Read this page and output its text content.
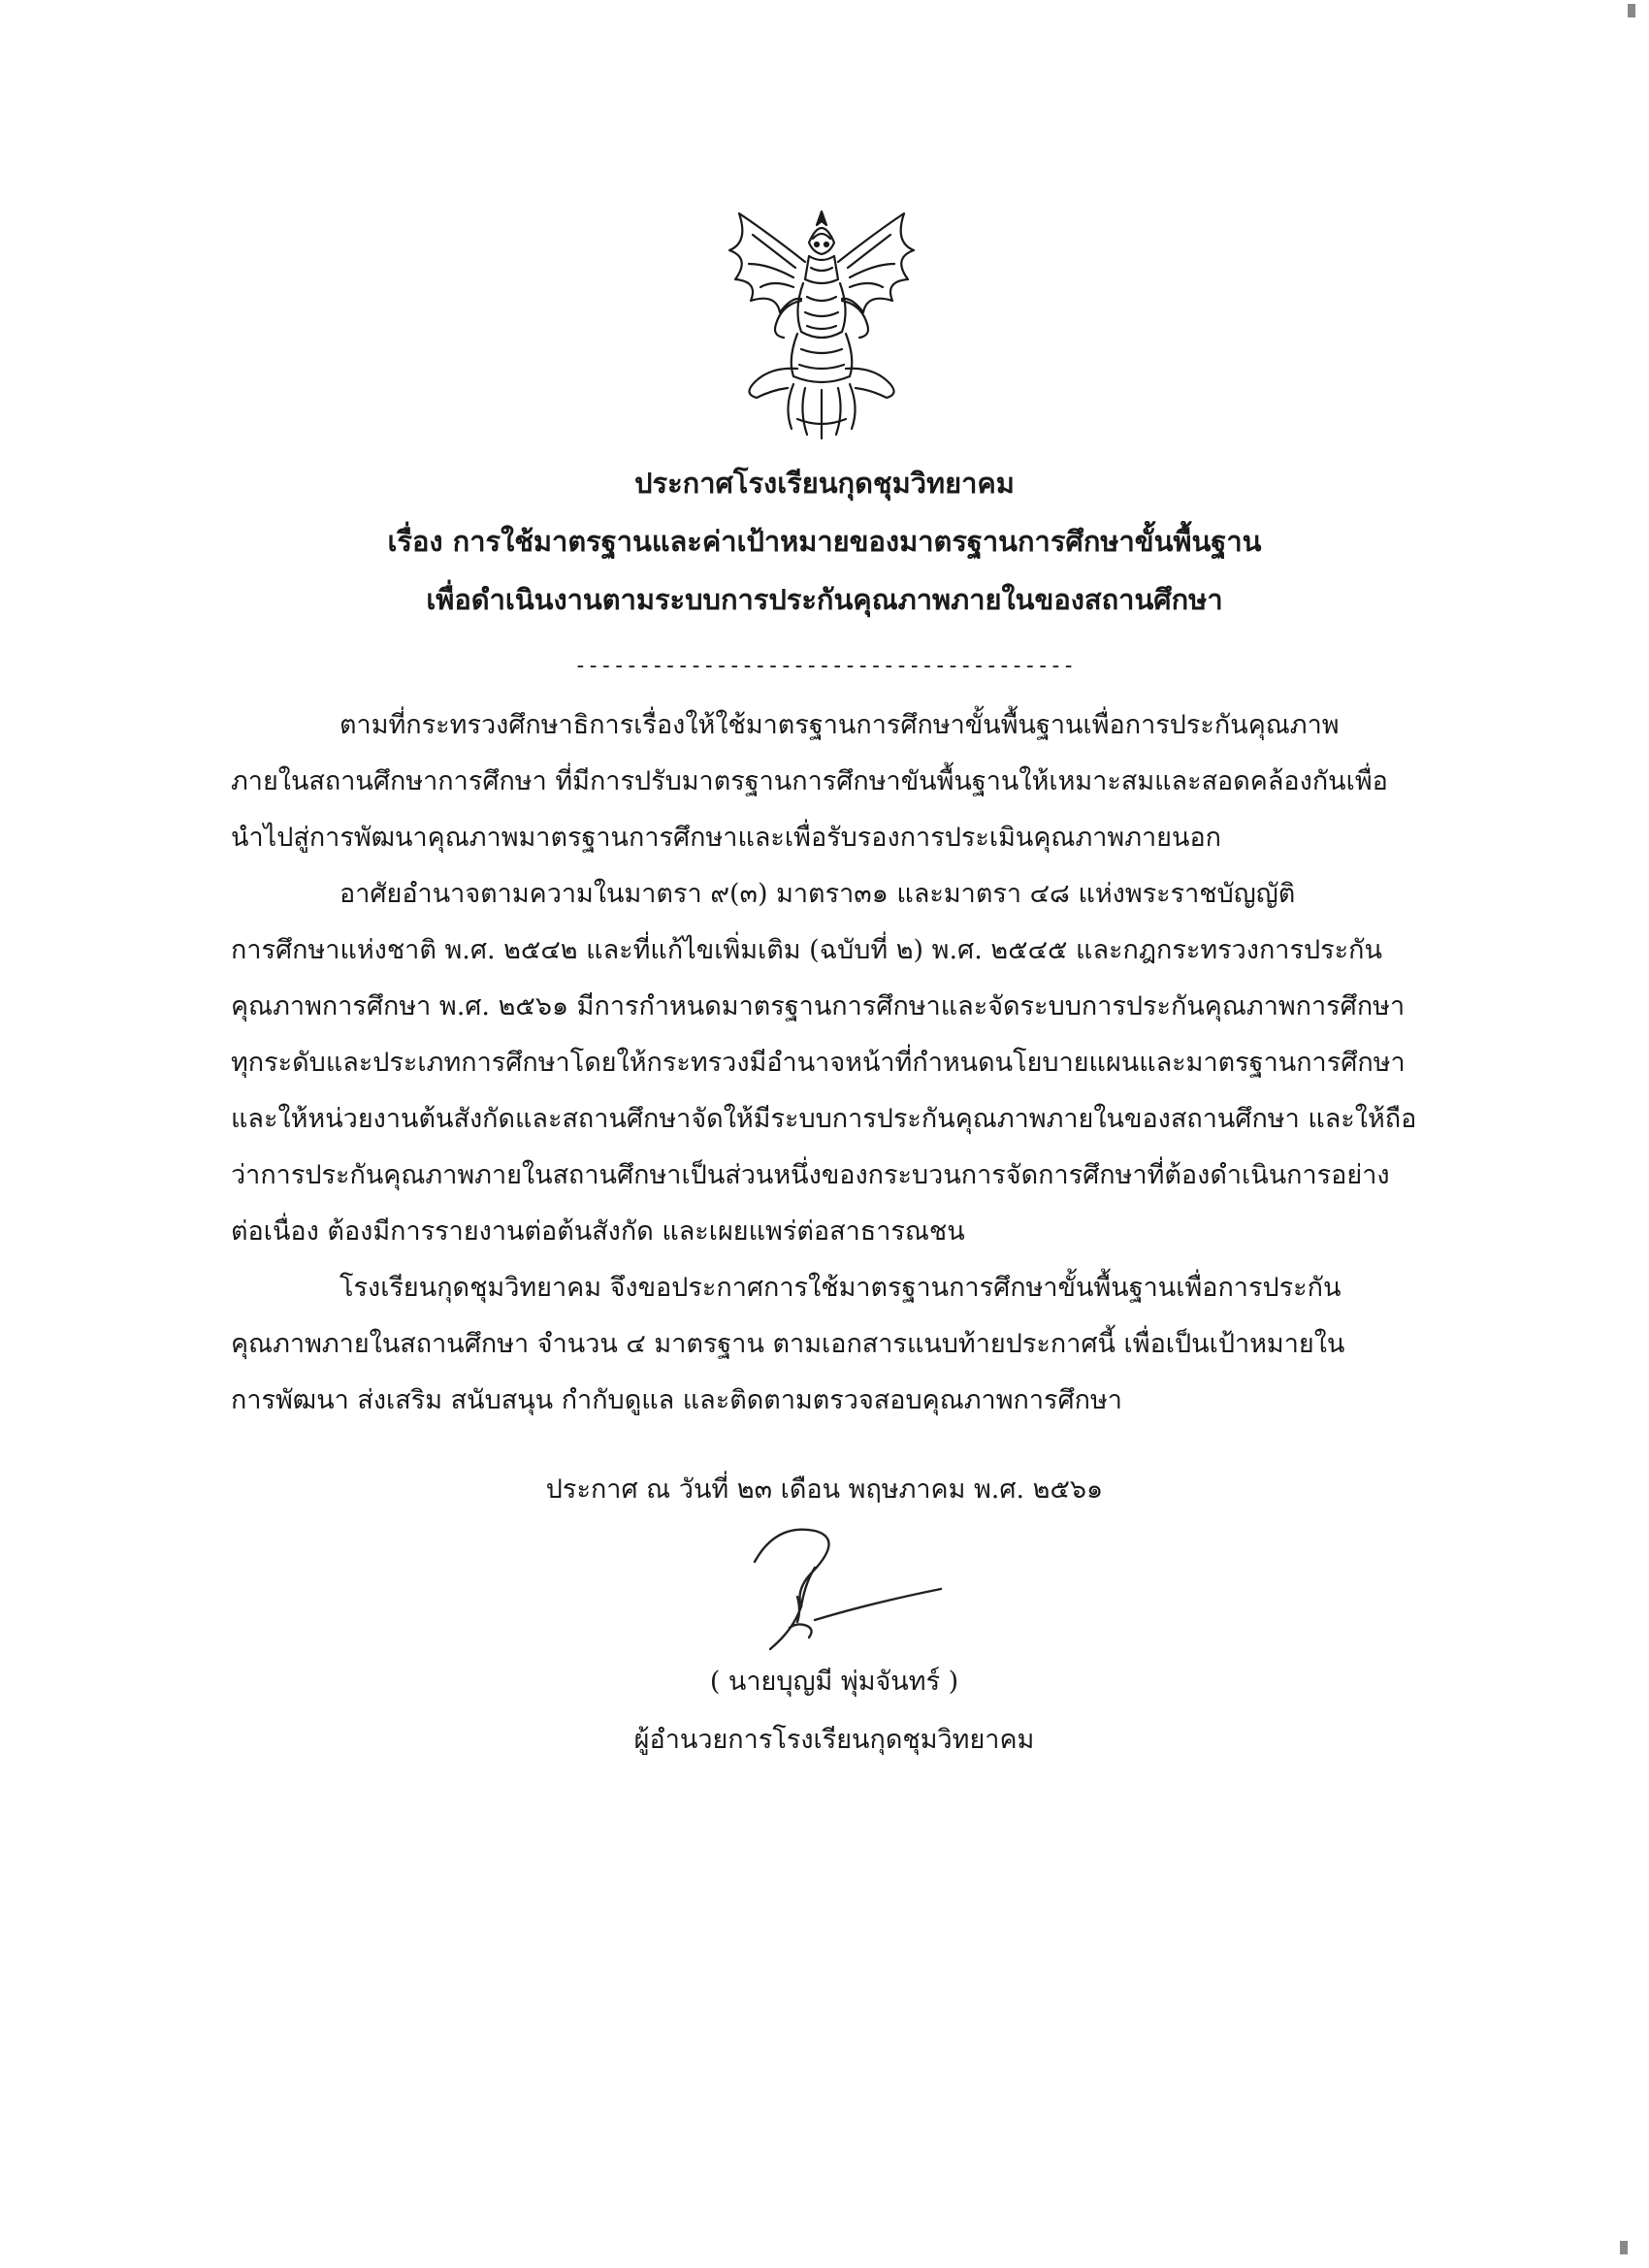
ประกาศโรงเรียนกุดชุมวิทยาคม
เรื่อง การใช้มาตรฐานและค่าเป้าหมายของมาตรฐานการศึกษาขั้นพื้นฐาน
เพื่อดำเนินงานตามระบบการประกันคุณภาพภายในของสถานศึกษา
---------------------------------------
ตามที่กระทรวงศึกษาธิการเรื่องให้ใช้มาตรฐานการศึกษาขั้นพื้นฐานเพื่อการประกันคุณภาพ
ภายในสถานศึกษาการศึกษา ที่มีการปรับมาตรฐานการศึกษาขันพื้นฐานให้เหมาะสมและสอดคล้องกันเพื่อ
นำไปสู่การพัฒนาคุณภาพมาตรฐานการศึกษาและเพื่อรับรองการประเมินคุณภาพภายนอก
อาศัยอำนาจตามความในมาตรา ๙(๓) มาตรา๓๑ และมาตรา ๔๘ แห่งพระราชบัญญัติ
การศึกษาแห่งชาติ พ.ศ. ๒๕๔๒ และที่แก้ไขเพิ่มเติม (ฉบับที่ ๒) พ.ศ. ๒๕๔๕ และกฎกระทรวงการประกัน
คุณภาพการศึกษา พ.ศ. ๒๕๖๑ มีการกำหนดมาตรฐานการศึกษาและจัดระบบการประกันคุณภาพการศึกษา
ทุกระดับและประเภทการศึกษาโดยให้กระทรวงมีอำนาจหน้าที่กำหนดนโยบายแผนและมาตรฐานการศึกษา
และให้หน่วยงานต้นสังกัดและสถานศึกษาจัดให้มีระบบการประกันคุณภาพภายในของสถานศึกษา และให้ถือ
ว่าการประกันคุณภาพภายในสถานศึกษาเป็นส่วนหนึ่งของกระบวนการจัดการศึกษาที่ต้องดำเนินการอย่าง
ต่อเนื่อง ต้องมีการรายงานต่อต้นสังกัด และเผยแพร่ต่อสาธารณชน
โรงเรียนกุดชุมวิทยาคม จึงขอประกาศการใช้มาตรฐานการศึกษาขั้นพื้นฐานเพื่อการประกัน
คุณภาพภายในสถานศึกษา จำนวน ๔ มาตรฐาน ตามเอกสารแนบท้ายประกาศนี้ เพื่อเป็นเป้าหมายใน
การพัฒนา ส่งเสริม สนับสนุน กำกับดูแล และติดตามตรวจสอบคุณภาพการศึกษา
ประกาศ ณ วันที่ ๒๓ เดือน พฤษภาคม พ.ศ. ๒๕๖๑
( นายบุญมี พุ่มจันทร์ )
ผู้อำนวยการโรงเรียนกุดชุมวิทยาคม
